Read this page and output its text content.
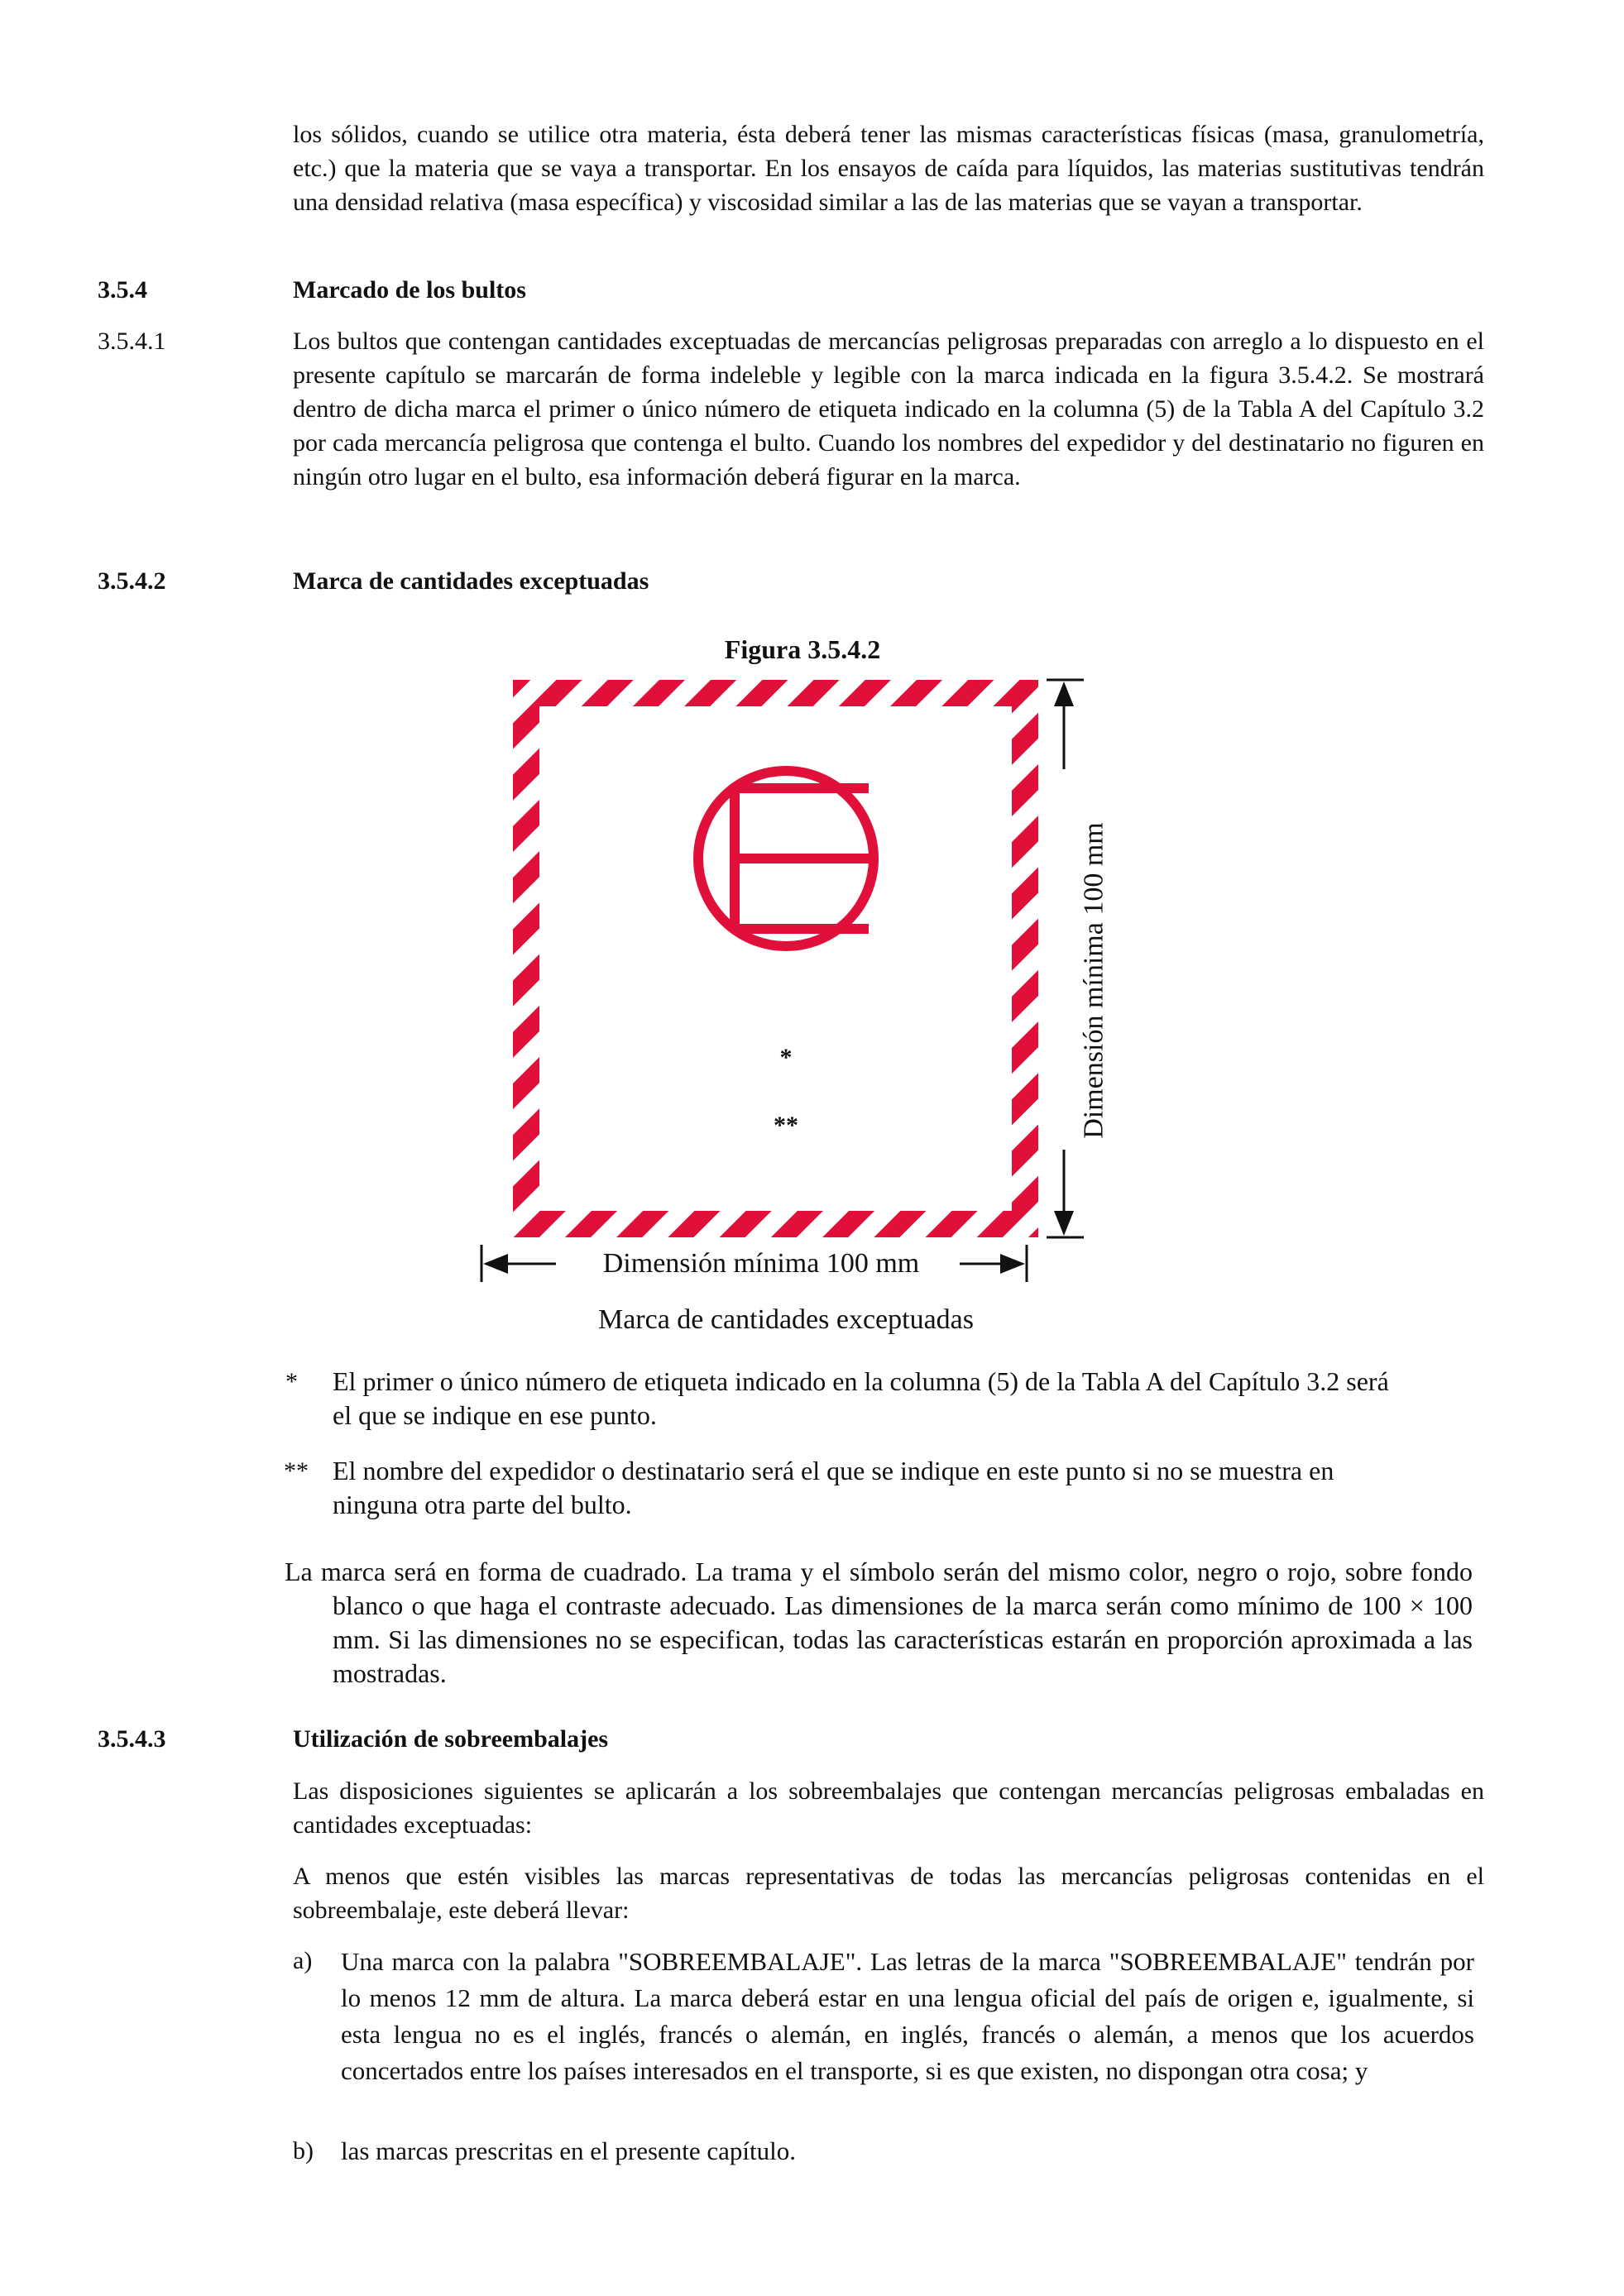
los sólidos, cuando se utilice otra materia, ésta deberá tener las mismas características físicas (masa, granulometría, etc.) que la materia que se vaya a transportar. En los ensayos de caída para líquidos, las materias sustitutivas tendrán una densidad relativa (masa específica) y viscosidad similar a las de las materias que se vayan a transportar.
3.5.4	Marcado de los bultos
3.5.4.1	Los bultos que contengan cantidades exceptuadas de mercancías peligrosas preparadas con arreglo a lo dispuesto en el presente capítulo se marcarán de forma indeleble y legible con la marca indicada en la figura 3.5.4.2. Se mostrará dentro de dicha marca el primer o único número de etiqueta indicado en la columna (5) de la Tabla A del Capítulo 3.2 por cada mercancía peligrosa que contenga el bulto. Cuando los nombres del expedidor y del destinatario no figuren en ningún otro lugar en el bulto, esa información deberá figurar en la marca.
3.5.4.2	Marca de cantidades exceptuadas
Figura 3.5.4.2
*
**	Dimensión mínima 100 mm
Dimensión mínima 100 mm
Marca de cantidades exceptuadas
* El primer o único número de etiqueta indicado en la columna (5) de la Tabla A del Capítulo 3.2 será el que se indique en ese punto.
** El nombre del expedidor o destinatario será el que se indique en este punto si no se muestra en ninguna otra parte del bulto.
La marca será en forma de cuadrado. La trama y el símbolo serán del mismo color, negro o rojo, sobre fondo blanco o que haga el contraste adecuado. Las dimensiones de la marca serán como mínimo de 100 × 100 mm. Si las dimensiones no se especifican, todas las características estarán en proporción aproximada a las mostradas.
3.5.4.3	Utilización de sobreembalajes
Las disposiciones siguientes se aplicarán a los sobreembalajes que contengan mercancías peligrosas embaladas en cantidades exceptuadas:
A menos que estén visibles las marcas representativas de todas las mercancías peligrosas contenidas en el sobreembalaje, este deberá llevar:
a) Una marca con la palabra "SOBREEMBALAJE". Las letras de la marca "SOBREEMBALAJE" tendrán por lo menos 12 mm de altura. La marca deberá estar en una lengua oficial del país de origen e, igualmente, si esta lengua no es el inglés, francés o alemán, en inglés, francés o alemán, a menos que los acuerdos concertados entre los países interesados en el transporte, si es que existen, no dispongan otra cosa; y
b) las marcas prescritas en el presente capítulo.
